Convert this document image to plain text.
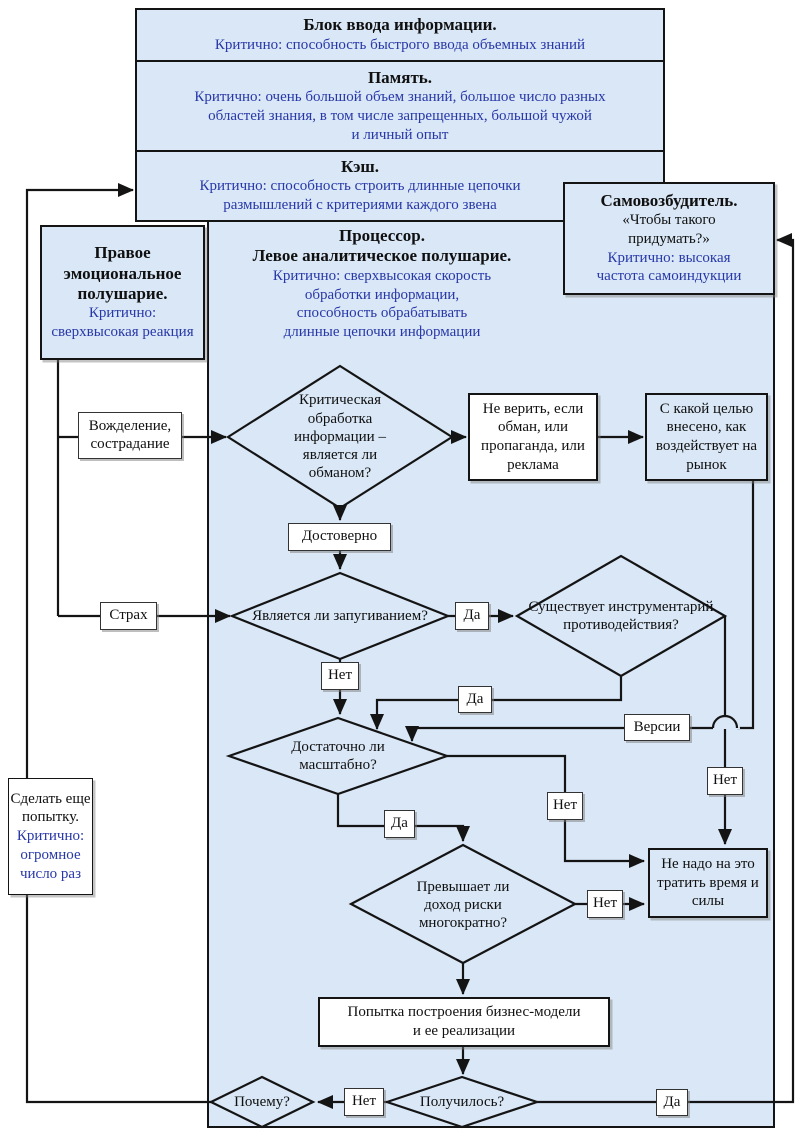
Блок ввода информации.
Критично: способность быстрого ввода объемных знаний
Память.
Критично: очень большой объем знаний, большое число разных областей знания, в том числе запрещенных, большой чужой и личный опыт
Кэш.
Критично: способность строить длинные цепочки размышлений с критериями каждого звена
Процессор.
Левое аналитическое полушарие.
Критично: сверхвысокая скорость обработки информации, способность обрабатывать длинные цепочки информации
Правое эмоциональное полушарие.
Критично: сверхвысокая реакция
Самовозбудитель.
«Чтобы такого придумать?»
Критично: высокая частота самоиндукции
Критическая обработка информации – является ли обманом?
Является ли запугиванием?
Существует инструментарий противодействия?
Достаточно ли масштабно?
Превышает ли доход риски многократно?
Получилось?
Почему?
Не верить, если обман, или пропаганда, или реклама
С какой целью внесено, как воздействует на рынок
Не надо на это тратить время и силы
Попытка построения бизнес-модели и ее реализации
Сделать еще попытку.
Критично: огромное число раз
Вожделение, сострадание
Достоверно
Страх	Да
Нет
Да
Версии
Нет
Нет
Да
Нет
Нет	Да
